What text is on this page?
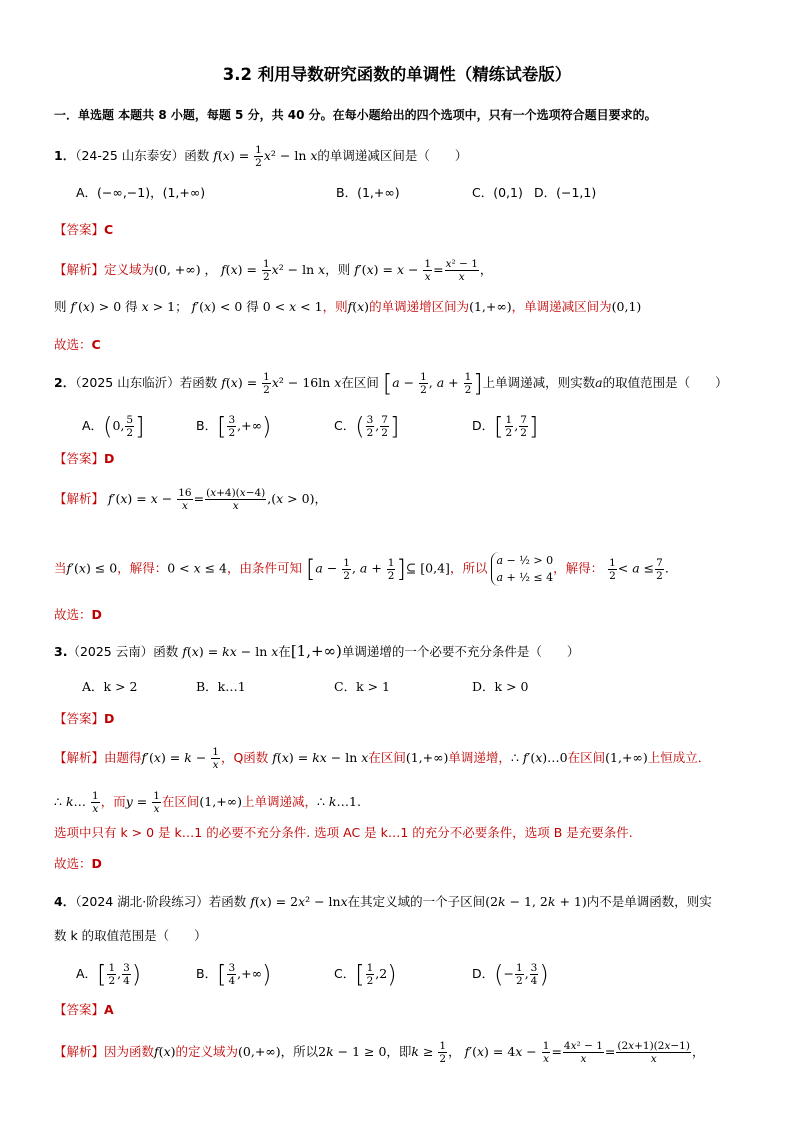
3.2 利用导数研究函数的单调性（精练试卷版）
一．单选题 本题共 8 小题，每题 5 分，共 40 分。在每小题给出的四个选项中，只有一个选项符合题目要求的。
1．（24-25 山东泰安）函数 $f(x) = \frac{1}{2} x^2 - \ln x$的单调递减区间是（　　）
A．(−∞,−1)，(1,+∞)	B．(1,+∞)	C．(0,1) D．(−1,1)
【答案】C
【解析】定义域为(0, +∞) ， $f(x) = \frac{1}{2} x^2 - \ln x$，则 $f'(x) = x - \frac{1}{x} = \frac{\text{x² − 1}}{x}$ ，
则 f′(x) > 0 得 x > 1； f′(x) < 0 得 0 < x < 1，则f(x)的单调递增区间为(1,+∞)，单调递减区间为(0,1)
故选：C
2．（2025 山东临沂）若函数 $f(x) = \frac{1}{2} x^2 - 16\ln$ x在区间 [$a - \frac{1}{2}$ , $a + \frac{1}{2}$ ]上单调递减，则实数a的取值范围是（　　）
A．(0, $\frac{5}{2}$ ]	B．[ $\frac{3}{2}$ ,+∞)	C．( $\frac{3}{2}$ , $\frac{7}{2}$ ]	D．[ $\frac{1}{2}$ , $\frac{7}{2}$ ]
【答案】D
【解析】 $f'(x) = x - \frac{16}{x} = \frac{(x+4)(x-4)}{x} ,(x > 0)$，
当f′(x) ≤ 0，解得：0 < x ≤ 4，由条件可知 [$a - \frac{1}{2}$ , $a + \frac{1}{2}$ ]⊆ [0,4]，所以 a − ½ > 0
a + ½ ≤ 4
，解得： $\frac{1}{2} < a \le \frac{7}{2}$ .
故选：D
3.（2025 云南）函数 f(x) = kx − ln x在[1,+∞)单调递增的一个必要不充分条件是（　　）
A．k > 2	B．k…1	C．k > 1	D．k > 0
【答案】D
【解析】由题得$f'(x) = k - \frac{1}{x}$ ，Q函数 f(x) = kx − ln x在区间(1,+∞)单调递增，∴ f′(x)…0在区间(1,+∞)上恒成立．
∴ k… $\frac{1}{x}$ ，而$y = \frac{1}{x}$ 在区间(1,+∞)上单调递减，∴ k…1.
选项中只有 k > 0 是 k…1 的必要不充分条件. 选项 AC 是 k…1 的充分不必要条件，选项 B 是充要条件.
故选：D
4．（2024 湖北·阶段练习）若函数 f(x) = 2x² − lnx在其定义域的一个子区间(2k − 1, 2k + 1)内不是单调函数，则实
数 k 的取值范围是（　　）
A．[ $\frac{1}{2}$ , $\frac{3}{4}$ )	B．[ $\frac{3}{4}$ ,+∞)	C．[ $\frac{1}{2} ,2$)	D．(− $\frac{1}{2}$ , $\frac{3}{4}$ )
【答案】A
【解析】因为函数f(x)的定义域为(0,+∞)，所以2k − 1 ≥ 0，即$k \ge \frac{1}{2}$ ， $f'(x) = 4x - \frac{1}{x} = \frac{\text{4x² − 1}}{x} = \frac{(2x+1)(2x-1)}{x}$ ，
